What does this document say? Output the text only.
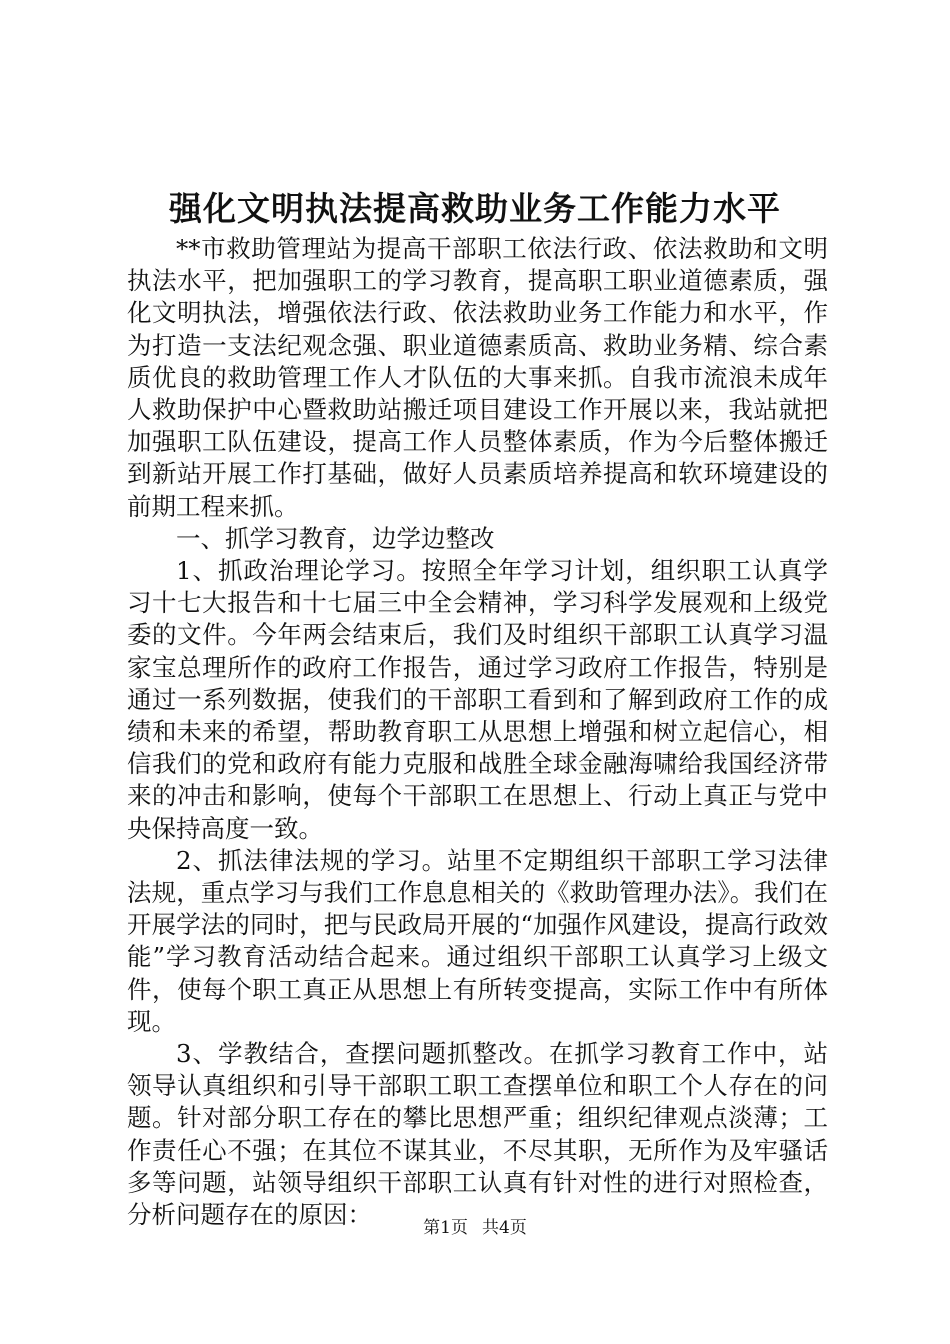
强化文明执法提高救助业务工作能力水平

**市救助管理站为提高干部职工依法行政、依法救助和文明执法水平，把加强职工的学习教育，提高职工职业道德素质，强化文明执法，增强依法行政、依法救助业务工作能力和水平，作为打造一支法纪观念强、职业道德素质高、救助业务精、综合素质优良的救助管理工作人才队伍的大事来抓。自我市流浪未成年人救助保护中心暨救助站搬迁项目建设工作开展以来，我站就把加强职工队伍建设，提高工作人员整体素质，作为今后整体搬迁到新站开展工作打基础，做好人员素质培养提高和软环境建设的前期工程来抓。

一、抓学习教育，边学边整改

1、抓政治理论学习。按照全年学习计划，组织职工认真学习十七大报告和十七届三中全会精神，学习科学发展观和上级党委的文件。今年两会结束后，我们及时组织干部职工认真学习温家宝总理所作的政府工作报告，通过学习政府工作报告，特别是通过一系列数据，使我们的干部职工看到和了解到政府工作的成绩和未来的希望，帮助教育职工从思想上增强和树立起信心，相信我们的党和政府有能力克服和战胜全球金融海啸给我国经济带来的冲击和影响，使每个干部职工在思想上、行动上真正与党中央保持高度一致。

2、抓法律法规的学习。站里不定期组织干部职工学习法律法规，重点学习与我们工作息息相关的《救助管理办法》。我们在开展学法的同时，把与民政局开展的“加强作风建设，提高行政效能”学习教育活动结合起来。通过组织干部职工认真学习上级文件，使每个职工真正从思想上有所转变提高，实际工作中有所体现。

3、学教结合，查摆问题抓整改。在抓学习教育工作中，站领导认真组织和引导干部职工职工查摆单位和职工个人存在的问题。针对部分职工存在的攀比思想严重；组织纪律观点淡薄；工作责任心不强；在其位不谋其业，不尽其职，无所作为及牢骚话多等问题，站领导组织干部职工认真有针对性的进行对照检查，分析问题存在的原因：	第1页 共4页
